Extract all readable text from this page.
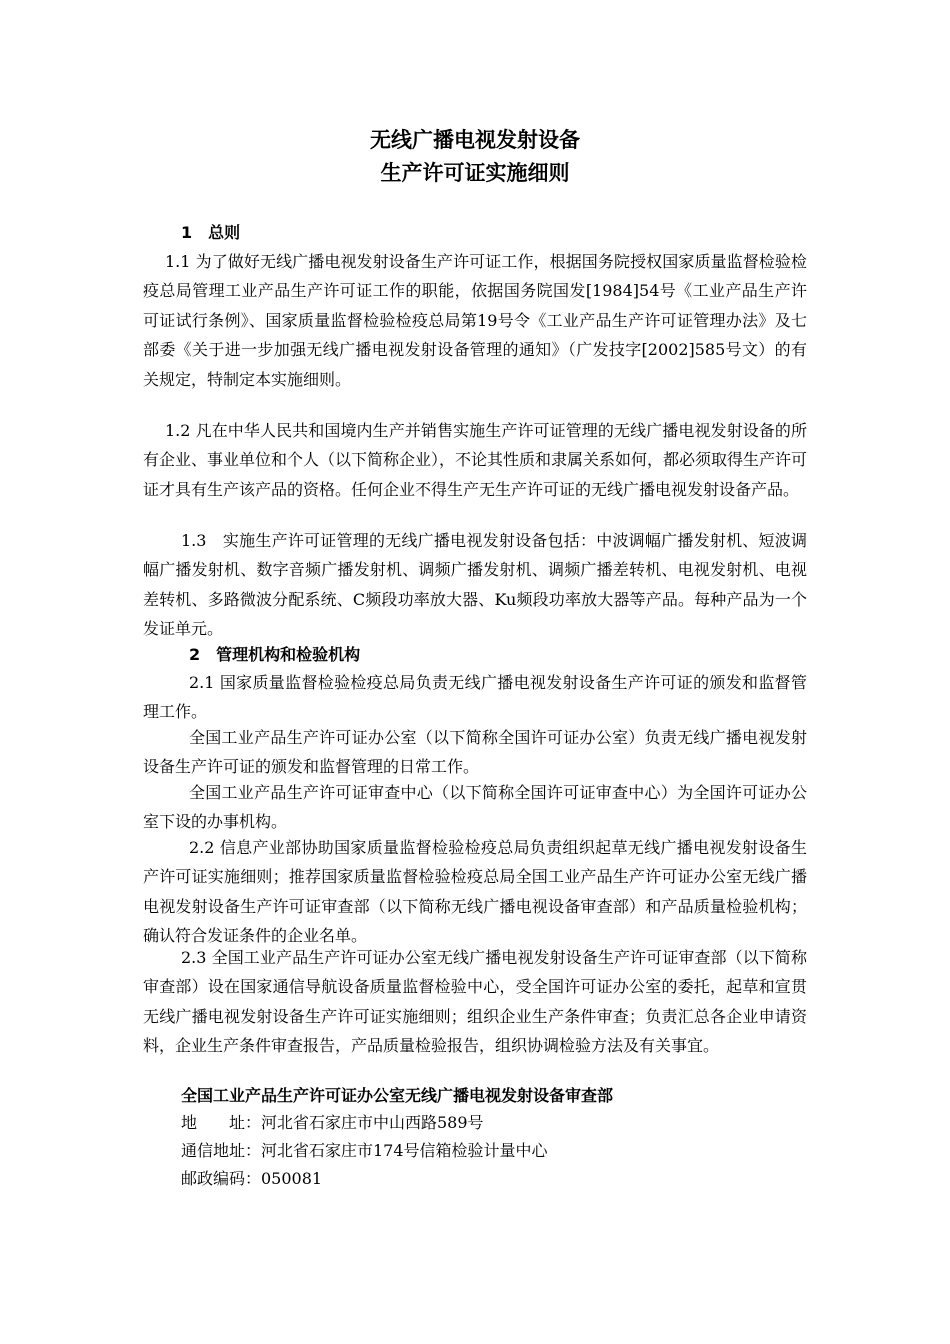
无线广播电视发射设备
生产许可证实施细则
1　总则
1.1 为了做好无线广播电视发射设备生产许可证工作，根据国务院授权国家质量监督检验检疫总局管理工业产品生产许可证工作的职能，依据国务院国发[1984]54号《工业产品生产许可证试行条例》、国家质量监督检验检疫总局第19号令《工业产品生产许可证管理办法》及七部委《关于进一步加强无线广播电视发射设备管理的通知》（广发技字[2002]585号文）的有关规定，特制定本实施细则。
1.2 凡在中华人民共和国境内生产并销售实施生产许可证管理的无线广播电视发射设备的所有企业、事业单位和个人（以下简称企业），不论其性质和隶属关系如何，都必须取得生产许可证才具有生产该产品的资格。任何企业不得生产无生产许可证的无线广播电视发射设备产品。
1.3　实施生产许可证管理的无线广播电视发射设备包括：中波调幅广播发射机、短波调幅广播发射机、数字音频广播发射机、调频广播发射机、调频广播差转机、电视发射机、电视差转机、多路微波分配系统、C频段功率放大器、Ku频段功率放大器等产品。每种产品为一个发证单元。
2　管理机构和检验机构
2.1 国家质量监督检验检疫总局负责无线广播电视发射设备生产许可证的颁发和监督管理工作。
全国工业产品生产许可证办公室（以下简称全国许可证办公室）负责无线广播电视发射设备生产许可证的颁发和监督管理的日常工作。
全国工业产品生产许可证审查中心（以下简称全国许可证审查中心）为全国许可证办公室下设的办事机构。
2.2 信息产业部协助国家质量监督检验检疫总局负责组织起草无线广播电视发射设备生产许可证实施细则；推荐国家质量监督检验检疫总局全国工业产品生产许可证办公室无线广播电视发射设备生产许可证审查部（以下简称无线广播电视设备审查部）和产品质量检验机构；确认符合发证条件的企业名单。
2.3 全国工业产品生产许可证办公室无线广播电视发射设备生产许可证审查部（以下简称审查部）设在国家通信导航设备质量监督检验中心，受全国许可证办公室的委托，起草和宣贯无线广播电视发射设备生产许可证实施细则；组织企业生产条件审查；负责汇总各企业申请资料，企业生产条件审查报告，产品质量检验报告，组织协调检验方法及有关事宜。
全国工业产品生产许可证办公室无线广播电视发射设备审查部
地　　址：河北省石家庄市中山西路589号
通信地址：河北省石家庄市174号信箱检验计量中心
邮政编码：050081
